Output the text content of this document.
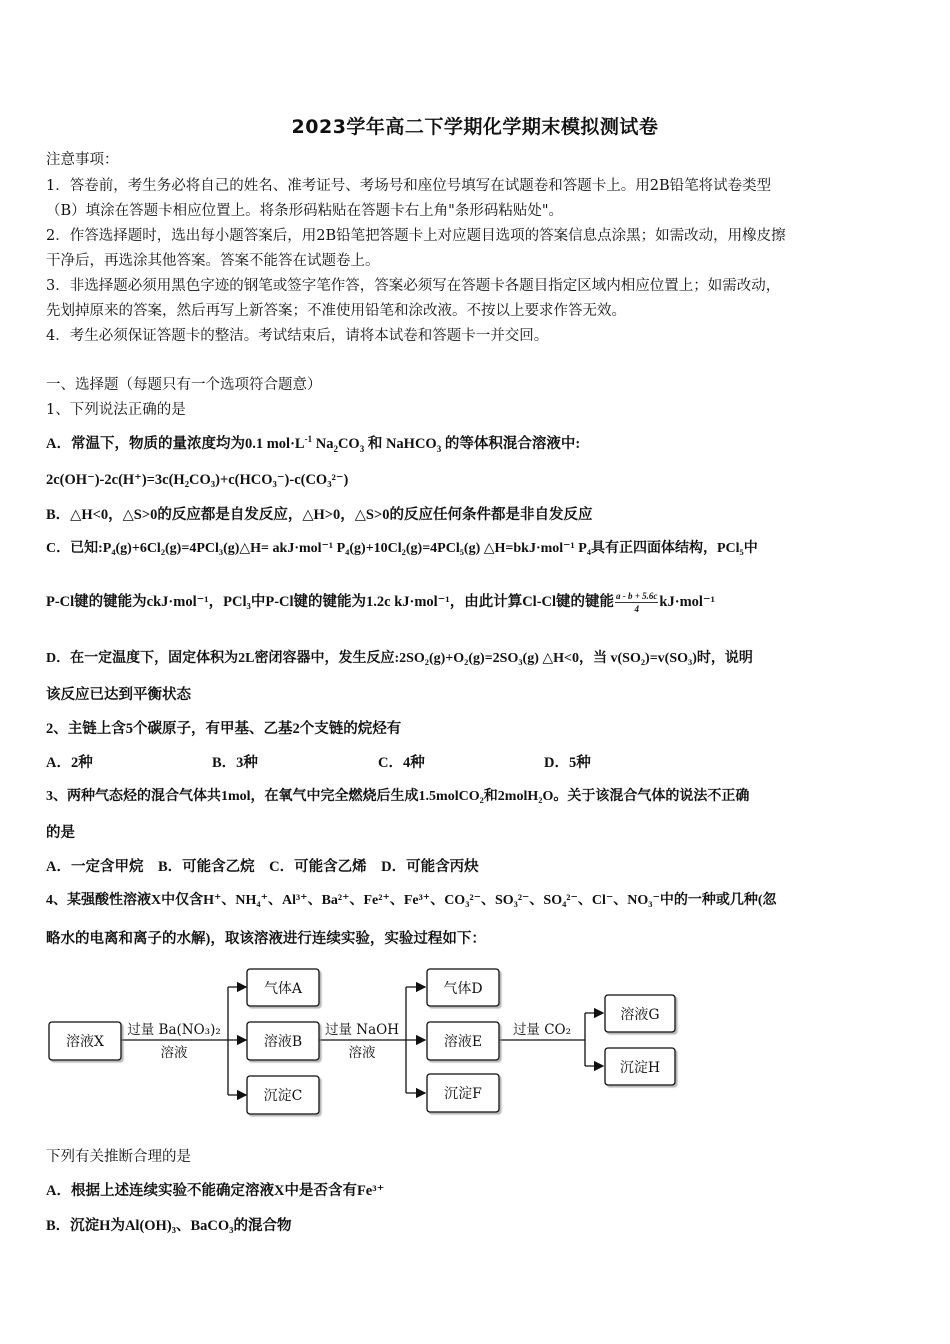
2023学年高二下学期化学期末模拟测试卷
注意事项：
1．答卷前，考生务必将自己的姓名、准考证号、考场号和座位号填写在试题卷和答题卡上。用2B铅笔将试卷类型
（B）填涂在答题卡相应位置上。将条形码粘贴在答题卡右上角"条形码粘贴处"。
2．作答选择题时，选出每小题答案后，用2B铅笔把答题卡上对应题目选项的答案信息点涂黑；如需改动，用橡皮擦
干净后，再选涂其他答案。答案不能答在试题卷上。
3．非选择题必须用黑色字迹的钢笔或签字笔作答，答案必须写在答题卡各题目指定区域内相应位置上；如需改动，
先划掉原来的答案，然后再写上新答案；不准使用铅笔和涂改液。不按以上要求作答无效。
4．考生必须保证答题卡的整洁。考试结束后，请将本试卷和答题卡一并交回。
一、选择题（每题只有一个选项符合题意）
1、下列说法正确的是
A．常温下，物质的量浓度均为0.1 $mol\cdot L^{-1}$ $Na_2CO_3$ 和 NaHCO$_3$ 的等体积混合溶液中:
2c(OH⁻)-2c(H⁺)=3c(H₂CO₃)+c(HCO₃⁻)-c(CO₃²⁻)
B．△H<0，△S>0的反应都是自发反应，△H>0，△S>0的反应任何条件都是非自发反应
C．已知:P₄(g)+6Cl₂(g)=4PCl₃(g)△H= akJ·mol⁻¹ P₄(g)+10Cl₂(g)=4PCl₅(g) △H=bkJ·mol⁻¹ P₄具有正四面体结构，PCl₅中
P-Cl键的键能为ckJ·mol⁻¹，PCl₃中P-Cl键的键能为1.2c kJ·mol⁻¹，由此计算Cl-Cl键的键能 $\frac{a - b + 5.6c}{4} kJ\cdot mol^{-1}$
D．在一定温度下，固定体积为2L密闭容器中，发生反应:2SO₂(g)+O₂(g)=2SO₃(g) △H<0，当 v(SO₂)=v(SO₃)时，说明
该反应已达到平衡状态
2、主链上含5个碳原子，有甲基、乙基2个支链的烷烃有
A．2种	B．3种	C．4种	D．5种
3、两种气态烃的混合气体共1mol，在氧气中完全燃烧后生成1.5molCO₂和2molH₂O。关于该混合气体的说法不正确
的是
A．一定含甲烷    B．可能含乙烷    C．可能含乙烯    D．可能含丙炔
4、某强酸性溶液X中仅含H⁺、NH₄⁺、Al³⁺、Ba²⁺、Fe²⁺、Fe³⁺、CO₃²⁻、SO₃²⁻、SO₄²⁻、Cl⁻、NO₃⁻中的一种或几种(忽
略水的电离和离子的水解)，取该溶液进行连续实验，实验过程如下：
溶液X
气体A
溶液B
沉淀C
气体D
溶液E
沉淀F
溶液G
沉淀H
过量 Ba(NO₃)₂
溶液
过量 NaOH
溶液
过量 CO₂
下列有关推断合理的是
A．根据上述连续实验不能确定溶液X中是否含有Fe³⁺
B．沉淀H为Al(OH)₃、BaCO₃的混合物
